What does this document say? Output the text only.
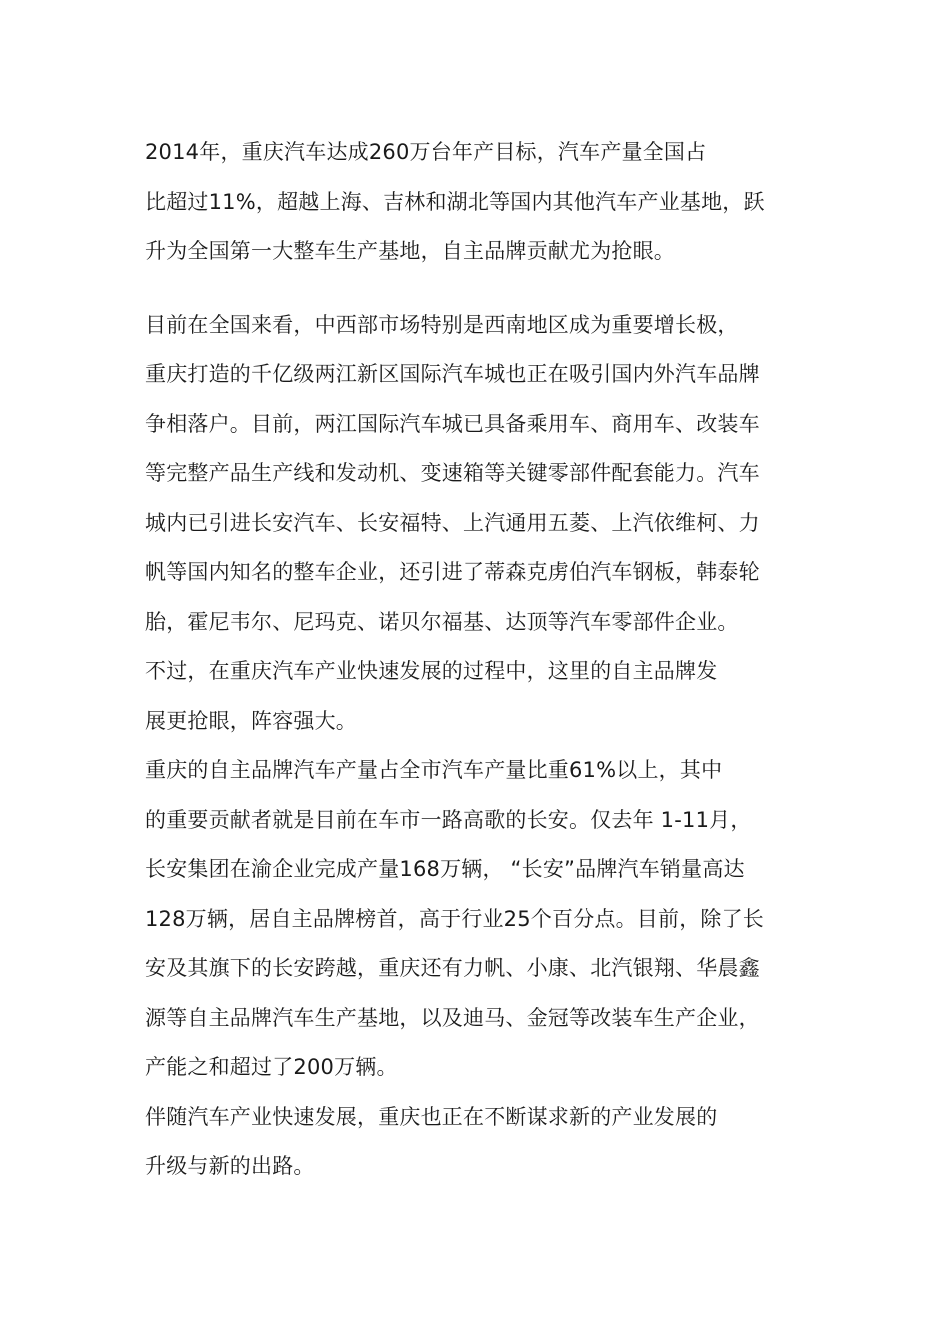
2014年，重庆汽车达成260万台年产目标，汽车产量全国占
比超过11%，超越上海、吉林和湖北等国内其他汽车产业基地，跃
升为全国第一大整车生产基地，自主品牌贡献尤为抢眼。

目前在全国来看，中西部市场特别是西南地区成为重要增长极，
重庆打造的千亿级两江新区国际汽车城也正在吸引国内外汽车品牌
争相落户。目前，两江国际汽车城已具备乘用车、商用车、改装车
等完整产品生产线和发动机、变速箱等关键零部件配套能力。汽车
城内已引进长安汽车、长安福特、上汽通用五菱、上汽依维柯、力
帆等国内知名的整车企业，还引进了蒂森克虏伯汽车钢板，韩泰轮
胎，霍尼韦尔、尼玛克、诺贝尔福基、达顶等汽车零部件企业。

不过，在重庆汽车产业快速发展的过程中，这里的自主品牌发
展更抢眼，阵容强大。

重庆的自主品牌汽车产量占全市汽车产量比重61%以上，其中
的重要贡献者就是目前在车市一路高歌的长安。仅去年 1-11月，
长安集团在渝企业完成产量168万辆， “长安”品牌汽车销量高达
128万辆，居自主品牌榜首，高于行业25个百分点。目前，除了长
安及其旗下的长安跨越，重庆还有力帆、小康、北汽银翔、华晨鑫
源等自主品牌汽车生产基地，以及迪马、金冠等改装车生产企业，
产能之和超过了200万辆。

伴随汽车产业快速发展，重庆也正在不断谋求新的产业发展的
升级与新的出路。
